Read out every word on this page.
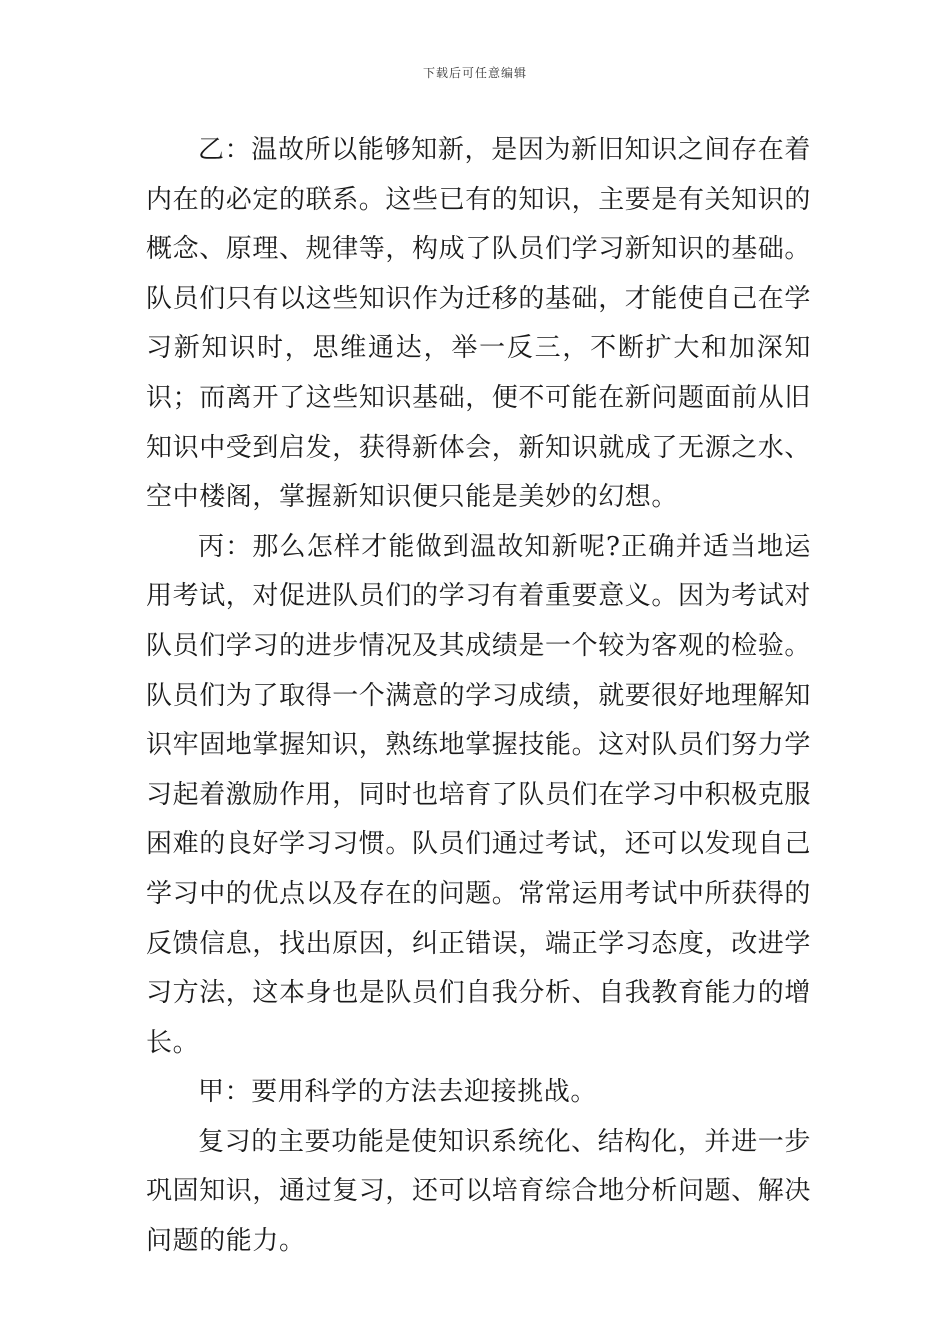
下载后可任意编辑

乙：温故所以能够知新，是因为新旧知识之间存在着内在的必定的联系。这些已有的知识，主要是有关知识的概念、原理、规律等，构成了队员们学习新知识的基础。队员们只有以这些知识作为迁移的基础，才能使自己在学习新知识时，思维通达，举一反三，不断扩大和加深知识；而离开了这些知识基础，便不可能在新问题面前从旧知识中受到启发，获得新体会，新知识就成了无源之水、空中楼阁，掌握新知识便只能是美妙的幻想。

丙：那么怎样才能做到温故知新呢?正确并适当地运用考试，对促进队员们的学习有着重要意义。因为考试对队员们学习的进步情况及其成绩是一个较为客观的检验。队员们为了取得一个满意的学习成绩，就要很好地理解知识牢固地掌握知识，熟练地掌握技能。这对队员们努力学习起着激励作用，同时也培育了队员们在学习中积极克服困难的良好学习习惯。队员们通过考试，还可以发现自己学习中的优点以及存在的问题。常常运用考试中所获得的反馈信息，找出原因，纠正错误，端正学习态度，改进学习方法，这本身也是队员们自我分析、自我教育能力的增长。

甲：要用科学的方法去迎接挑战。

复习的主要功能是使知识系统化、结构化，并进一步巩固知识，通过复习，还可以培育综合地分析问题、解决问题的能力。
